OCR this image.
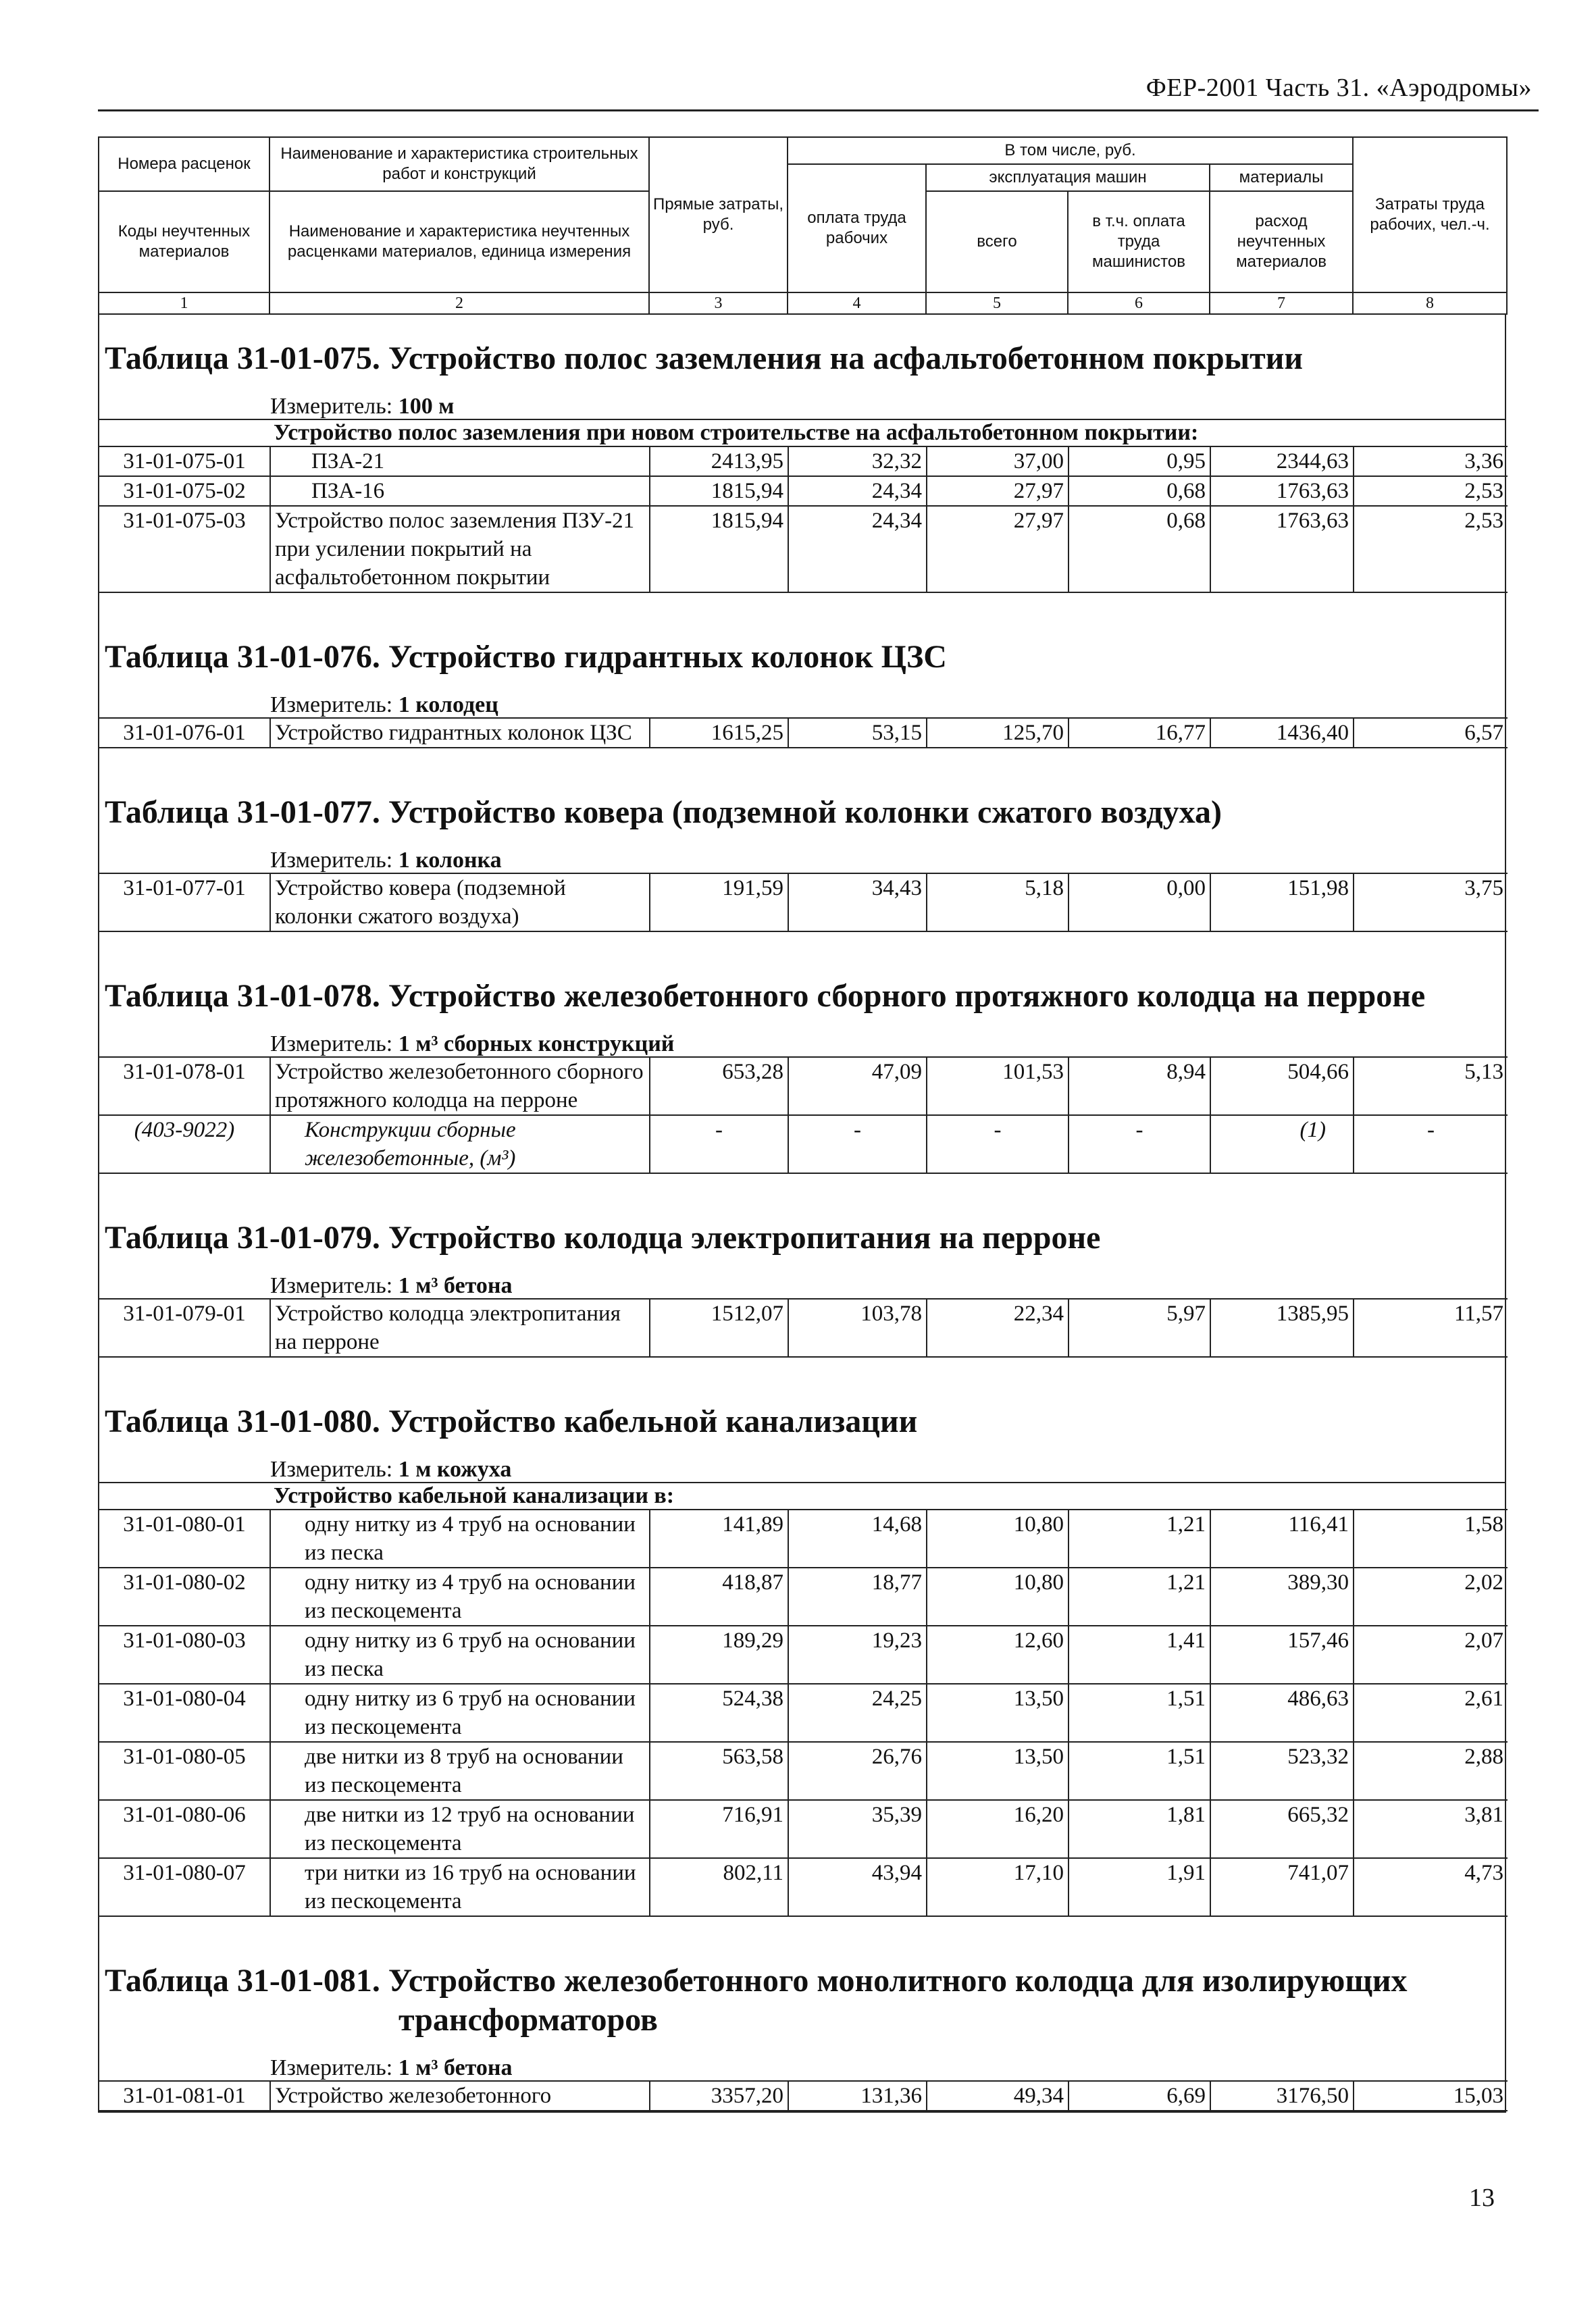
ФЕР-2001 Часть 31. «Аэродромы»
Номера расценок	Наименование и характеристика строительных работ и конструкций	Прямые затраты, руб.	В том числе, руб.				Затраты труда рабочих, чел.-ч.
			оплата труда рабочих	эксплуатация машин		материалы	
Коды неучтенных материалов	Наименование и характеристика неучтенных расценками материалов, единица измерения			всего	в т.ч. оплата труда машинистов	расход неучтенных материалов	

1	2	3	4	5	6	7	8
Таблица 31-01-075. Устройство полос заземления на асфальтобетонном покрытии
Измеритель: 100 м
Устройство полос заземления при новом строительстве на асфальтобетонном покрытии:
31-01-075-01	ПЗА-21	2413,95	32,32	37,00	0,95	2344,63	3,36
31-01-075-02	ПЗА-16	1815,94	24,34	27,97	0,68	1763,63	2,53
31-01-075-03	Устройство полос заземления ПЗУ-21 при усилении покрытий на асфальтобетонном покрытии	1815,94	24,34	27,97	0,68	1763,63	2,53
Таблица 31-01-076. Устройство гидрантных колонок ЦЗС
Измеритель: 1 колодец
31-01-076-01	Устройство гидрантных колонок ЦЗС	1615,25	53,15	125,70	16,77	1436,40	6,57
Таблица 31-01-077. Устройство ковера (подземной колонки сжатого воздуха)
Измеритель: 1 колонка
31-01-077-01	Устройство ковера (подземной колонки сжатого воздуха)	191,59	34,43	5,18	0,00	151,98	3,75
Таблица 31-01-078. Устройство железобетонного сборного протяжного колодца на перроне
Измеритель: 1 м³ сборных конструкций
31-01-078-01	Устройство железобетонного сборного протяжного колодца на перроне	653,28	47,09	101,53	8,94	504,66	5,13
(403-9022)	Конструкции сборные железобетонные, (м³)	-	-	-	-	(1)	-
Таблица 31-01-079. Устройство колодца электропитания на перроне
Измеритель: 1 м³ бетона
31-01-079-01	Устройство колодца электропитания на перроне	1512,07	103,78	22,34	5,97	1385,95	11,57
Таблица 31-01-080. Устройство кабельной канализации
Измеритель: 1 м кожуха
Устройство кабельной канализации в:
31-01-080-01	одну нитку из 4 труб на основании из песка	141,89	14,68	10,80	1,21	116,41	1,58
31-01-080-02	одну нитку из 4 труб на основании из пескоцемента	418,87	18,77	10,80	1,21	389,30	2,02
31-01-080-03	одну нитку из 6 труб на основании из песка	189,29	19,23	12,60	1,41	157,46	2,07
31-01-080-04	одну нитку из 6 труб на основании из пескоцемента	524,38	24,25	13,50	1,51	486,63	2,61
31-01-080-05	две нитки из 8 труб на основании из пескоцемента	563,58	26,76	13,50	1,51	523,32	2,88
31-01-080-06	две нитки из 12 труб на основании из пескоцемента	716,91	35,39	16,20	1,81	665,32	3,81
31-01-080-07	три нитки из 16 труб на основании из пескоцемента	802,11	43,94	17,10	1,91	741,07	4,73
Таблица 31-01-081. Устройство железобетонного монолитного колодца для изолирующих
трансформаторов
Измеритель: 1 м³ бетона
31-01-081-01	Устройство железобетонного	3357,20	131,36	49,34	6,69	3176,50	15,03
13
